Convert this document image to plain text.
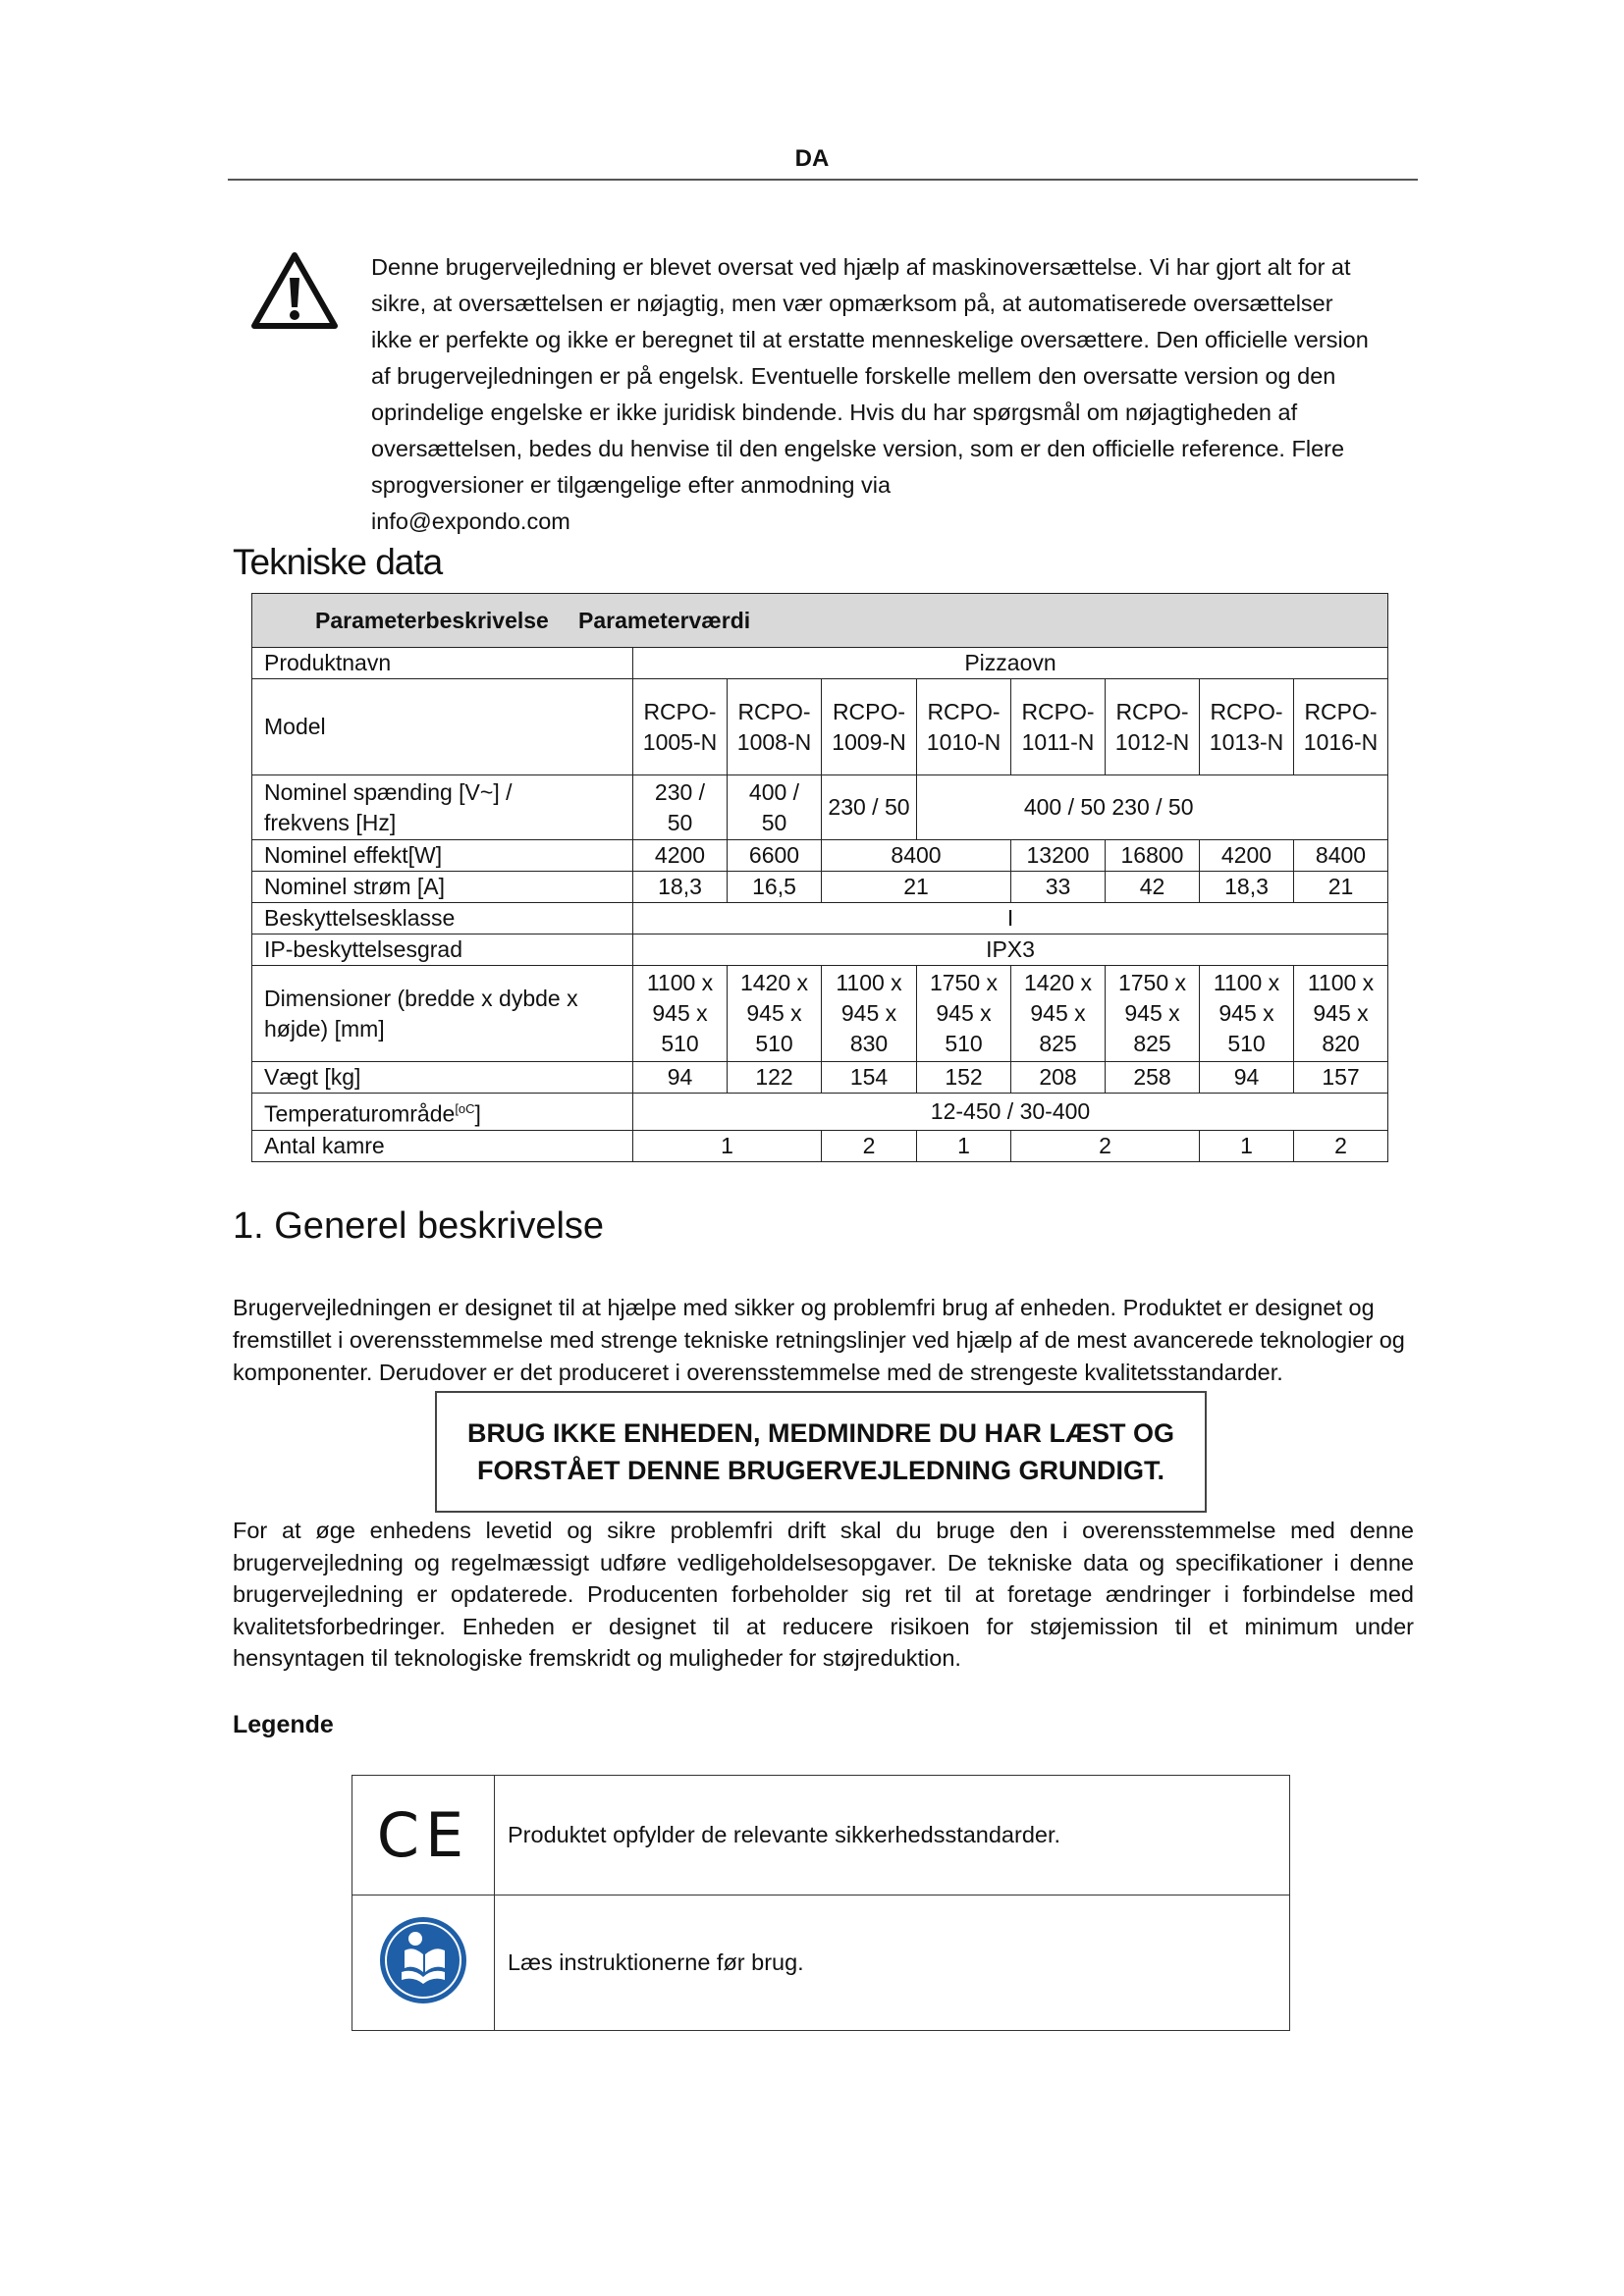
DA
Denne brugervejledning er blevet oversat ved hjælp af maskinoversættelse. Vi har gjort alt for at
sikre, at oversættelsen er nøjagtig, men vær opmærksom på, at automatiserede oversættelser
ikke er perfekte og ikke er beregnet til at erstatte menneskelige oversættere. Den officielle version
af brugervejledningen er på engelsk. Eventuelle forskelle mellem den oversatte version og den
oprindelige engelske er ikke juridisk bindende. Hvis du har spørgsmål om nøjagtigheden af
oversættelsen, bedes du henvise til den engelske version, som er den officielle reference. Flere
sprogversioner er tilgængelige efter anmodning via
info@expondo.com
Tekniske data
Parameterbeskrivelse Parameterværdi								

Produktnavn	Pizzaovn							
Model	RCPO-1005-N	RCPO-1008-N	RCPO-1009-N	RCPO-1010-N	RCPO-1011-N	RCPO-1012-N	RCPO-1013-N	RCPO-1016-N

Nominel spænding [V~] /
frekvens [Hz]	230 / 50	400 / 50	230 / 50	400 / 50 230 / 50				
Nominel effekt[W]	4200	6600	8400		13200	16800	4200	8400
Nominel strøm [A]	18,3	16,5	21		33	42	18,3	21
Beskyttelsesklasse	I							
IP-beskyttelsesgrad	IPX3							
Dimensioner (bredde x dybde x højde) [mm]	1100 x 945 x 510	1420 x 945 x 510	1100 x 945 x 830	1750 x 945 x 510	1420 x 945 x 825	1750 x 945 x 825	1100 x 945 x 510	1100 x 945 x 820
Vægt [kg]	94	122	154	152	208	258	94	157
Temperaturområde$^{[oC}$]	12-450 / 30-400							
Antal kamre	1		2	1	2		1	2
1. Generel beskrivelse
Brugervejledningen er designet til at hjælpe med sikker og problemfri brug af enheden. Produktet er designet og fremstillet i overensstemmelse med strenge tekniske retningslinjer ved hjælp af de mest avancerede teknologier og komponenter. Derudover er det produceret i overensstemmelse med de strengeste kvalitetsstandarder.
BRUG IKKE ENHEDEN, MEDMINDRE DU HAR LÆST OG
FORSTÅET DENNE BRUGERVEJLEDNING GRUNDIGT.
For at øge enhedens levetid og sikre problemfri drift skal du bruge den i overensstemmelse med denne
brugervejledning og regelmæssigt udføre vedligeholdelsesopgaver. De tekniske data og specifikationer i denne
brugervejledning er opdaterede. Producenten forbeholder sig ret til at foretage ændringer i forbindelse med
kvalitetsforbedringer. Enheden er designet til at reducere risikoen for støjemission til et minimum under
hensyntagen til teknologiske fremskridt og muligheder for støjreduktion.
Legende
CE	Produktet opfylder de relevante sikkerhedsstandarder.
	Læs instruktionerne før brug.
